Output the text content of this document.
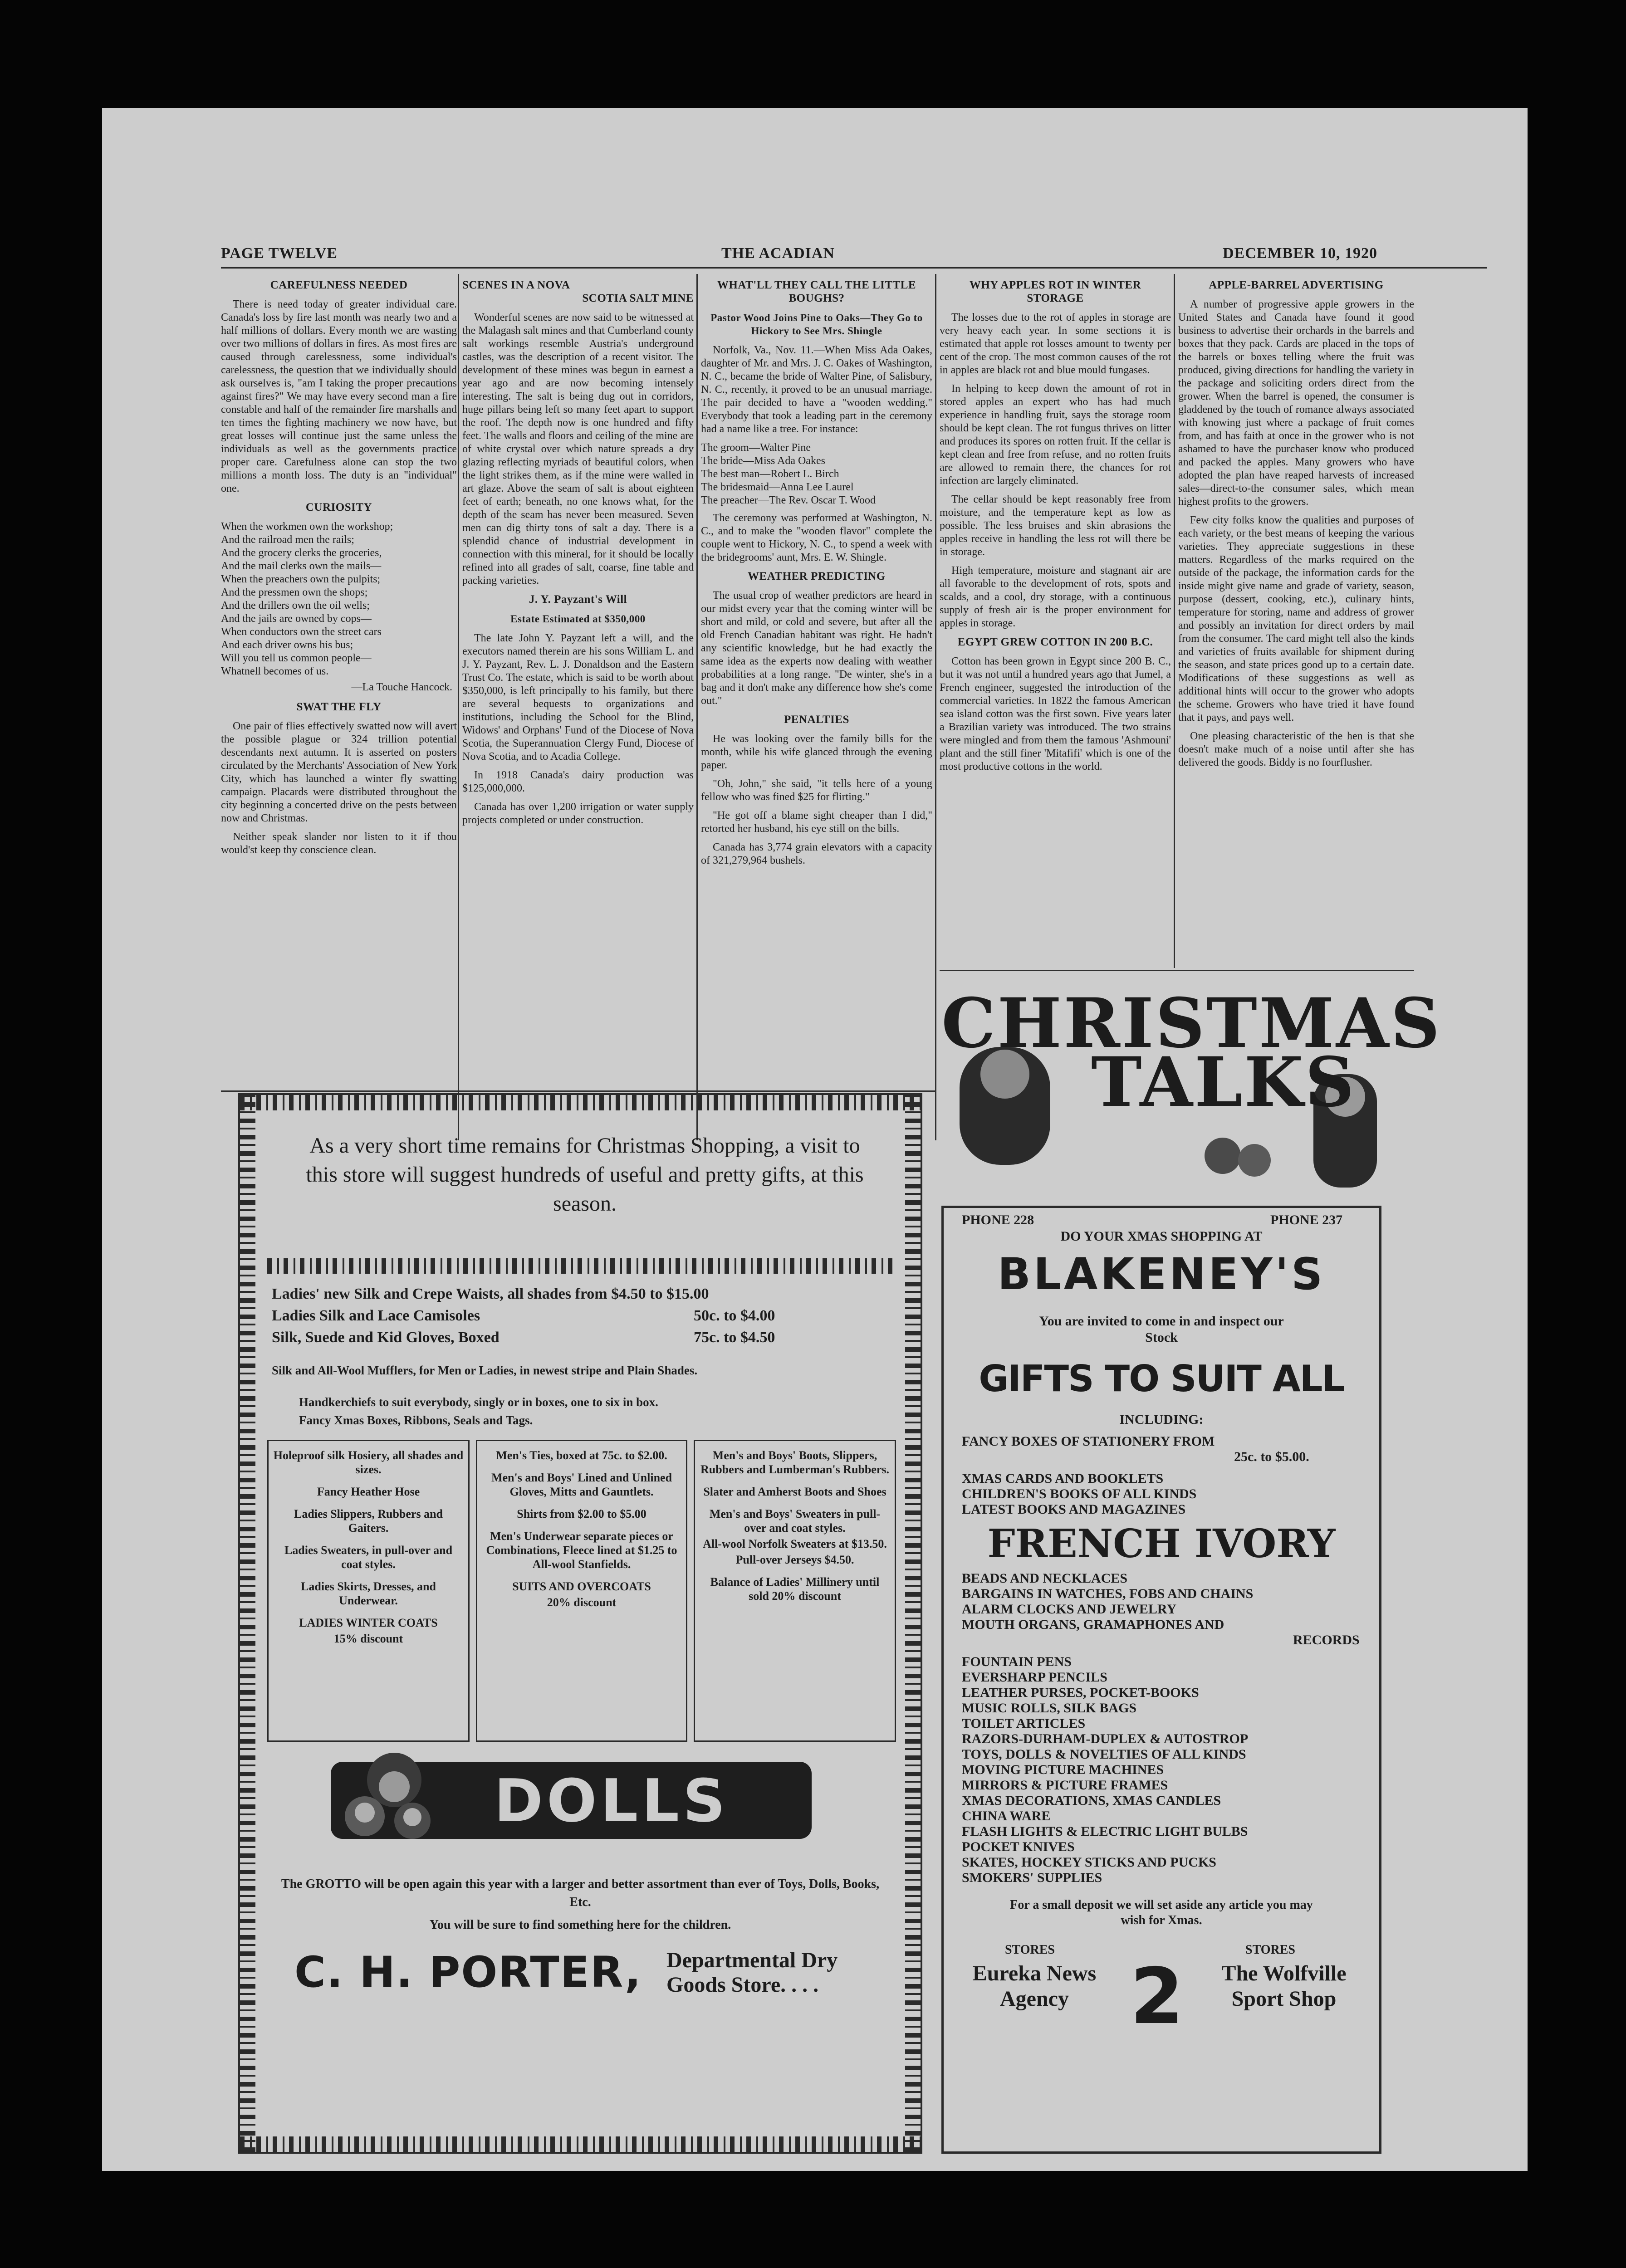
PAGE TWELVE	THE ACADIAN	DECEMBER 10, 1920
CAREFULNESS NEEDED

There is need today of greater individual care. Canada's loss by fire last month was nearly two and a half millions of dollars. Every month we are wasting over two millions of dollars in fires. As most fires are caused through carelessness, some individual's carelessness, the question that we individually should ask ourselves is, "am I taking the proper precautions against fires?" We may have every second man a fire constable and half of the remainder fire marshalls and ten times the fighting machinery we now have, but great losses will continue just the same unless the individuals as well as the governments practice proper care. Carefulness alone can stop the two millions a month loss. The duty is an "individual" one.

CURIOSITY
When the workmen own the workshop;
And the railroad men the rails;
And the grocery clerks the groceries,
And the mail clerks own the mails—
When the preachers own the pulpits;
And the pressmen own the shops;
And the drillers own the oil wells;
And the jails are owned by cops—
When conductors own the street cars
And each driver owns his bus;
Will you tell us common people—
Whatnell becomes of us.
—La Touche Hancock.
SWAT THE FLY

One pair of flies effectively swatted now will avert the possible plague or 324 trillion potential descendants next autumn. It is asserted on posters circulated by the Merchants' Association of New York City, which has launched a winter fly swatting campaign. Placards were distributed throughout the city beginning a concerted drive on the pests between now and Christmas.

Neither speak slander nor listen to it if thou would'st keep thy conscience clean.

SCENES IN A NOVA
SCOTIA SALT MINE

Wonderful scenes are now said to be witnessed at the Malagash salt mines and that Cumberland county salt workings resemble Austria's underground castles, was the description of a recent visitor. The development of these mines was begun in earnest a year ago and are now becoming intensely interesting. The salt is being dug out in corridors, huge pillars being left so many feet apart to support the roof. The depth now is one hundred and fifty feet. The walls and floors and ceiling of the mine are of white crystal over which nature spreads a dry glazing reflecting myriads of beautiful colors, when the light strikes them, as if the mine were walled in art glaze. Above the seam of salt is about eighteen feet of earth; beneath, no one knows what, for the depth of the seam has never been measured. Seven men can dig thirty tons of salt a day. There is a splendid chance of industrial development in connection with this mineral, for it should be locally refined into all grades of salt, coarse, fine table and packing varieties.

J. Y. Payzant's Will
Estate Estimated at $350,000

The late John Y. Payzant left a will, and the executors named therein are his sons William L. and J. Y. Payzant, Rev. L. J. Donaldson and the Eastern Trust Co. The estate, which is said to be worth about $350,000, is left principally to his family, but there are several bequests to organizations and institutions, including the School for the Blind, Widows' and Orphans' Fund of the Diocese of Nova Scotia, the Superannuation Clergy Fund, Diocese of Nova Scotia, and to Acadia College.

In 1918 Canada's dairy production was $125,000,000.

Canada has over 1,200 irrigation or water supply projects completed or under construction.

WHAT'LL THEY CALL THE LITTLE BOUGHS?
Pastor Wood Joins Pine to Oaks—They Go to Hickory to See Mrs. Shingle

Norfolk, Va., Nov. 11.—When Miss Ada Oakes, daughter of Mr. and Mrs. J. C. Oakes of Washington, N. C., became the bride of Walter Pine, of Salisbury, N. C., recently, it proved to be an unusual marriage. The pair decided to have a "wooden wedding." Everybody that took a leading part in the ceremony had a name like a tree. For instance:

The groom—Walter Pine
The bride—Miss Ada Oakes
The best man—Robert L. Birch
The bridesmaid—Anna Lee Laurel
The preacher—The Rev. Oscar T. Wood

The ceremony was performed at Washington, N. C., and to make the "wooden flavor" complete the couple went to Hickory, N. C., to spend a week with the bridegrooms' aunt, Mrs. E. W. Shingle.

WEATHER PREDICTING

The usual crop of weather predictors are heard in our midst every year that the coming winter will be short and mild, or cold and severe, but after all the old French Canadian habitant was right. He hadn't any scientific knowledge, but he had exactly the same idea as the experts now dealing with weather probabilities at a long range. "De winter, she's in a bag and it don't make any difference how she's come out."

PENALTIES

He was looking over the family bills for the month, while his wife glanced through the evening paper.

"Oh, John," she said, "it tells here of a young fellow who was fined $25 for flirting."

"He got off a blame sight cheaper than I did," retorted her husband, his eye still on the bills.

Canada has 3,774 grain elevators with a capacity of 321,279,964 bushels.

WHY APPLES ROT IN WINTER STORAGE

The losses due to the rot of apples in storage are very heavy each year. In some sections it is estimated that apple rot losses amount to twenty per cent of the crop. The most common causes of the rot in apples are black rot and blue mould fungases.

In helping to keep down the amount of rot in stored apples an expert who has had much experience in handling fruit, says the storage room should be kept clean. The rot fungus thrives on litter and produces its spores on rotten fruit. If the cellar is kept clean and free from refuse, and no rotten fruits are allowed to remain there, the chances for rot infection are largely eliminated.

The cellar should be kept reasonably free from moisture, and the temperature kept as low as possible. The less bruises and skin abrasions the apples receive in handling the less rot will there be in storage.

High temperature, moisture and stagnant air are all favorable to the development of rots, spots and scalds, and a cool, dry storage, with a continuous supply of fresh air is the proper environment for apples in storage.

EGYPT GREW COTTON IN 200 B.C.

Cotton has been grown in Egypt since 200 B. C., but it was not until a hundred years ago that Jumel, a French engineer, suggested the introduction of the commercial varieties. In 1822 the famous American sea island cotton was the first sown. Five years later a Brazilian variety was introduced. The two strains were mingled and from them the famous 'Ashmouni' plant and the still finer 'Mitafifi' which is one of the most productive cottons in the world.

APPLE-BARREL ADVERTISING

A number of progressive apple growers in the United States and Canada have found it good business to advertise their orchards in the barrels and boxes that they pack. Cards are placed in the tops of the barrels or boxes telling where the fruit was produced, giving directions for handling the variety in the package and soliciting orders direct from the grower. When the barrel is opened, the consumer is gladdened by the touch of romance always associated with knowing just where a package of fruit comes from, and has faith at once in the grower who is not ashamed to have the purchaser know who produced and packed the apples. Many growers who have adopted the plan have reaped harvests of increased sales—direct-to-the consumer sales, which mean highest profits to the growers.

Few city folks know the qualities and purposes of each variety, or the best means of keeping the various varieties. They appreciate suggestions in these matters. Regardless of the marks required on the outside of the package, the information cards for the inside might give name and grade of variety, season, purpose (dessert, cooking, etc.), culinary hints, temperature for storing, name and address of grower and possibly an invitation for direct orders by mail from the consumer. The card might tell also the kinds and varieties of fruits available for shipment during the season, and state prices good up to a certain date. Modifications of these suggestions as well as additional hints will occur to the grower who adopts the scheme. Growers who have tried it have found that it pays, and pays well.

One pleasing characteristic of the hen is that she doesn't make much of a noise until after she has delivered the goods. Biddy is no fourflusher.

As a very short time remains for Christmas Shopping, a visit to this store will suggest hundreds of useful and pretty gifts, at this season.
Ladies' new Silk and Crepe Waists, all shades from $4.50 to $15.00
Ladies Silk and Lace Camisoles	50c. to $4.00
Silk, Suede and Kid Gloves, Boxed	75c. to $4.50
Silk and All-Wool Mufflers, for Men or Ladies, in newest stripe and Plain Shades.
Handkerchiefs to suit everybody, singly or in boxes, one to six in box.
Fancy Xmas Boxes, Ribbons, Seals and Tags.
Holeproof silk Hosiery, all shades and sizes.
Fancy Heather Hose
Ladies Slippers, Rubbers and Gaiters.
Ladies Sweaters, in pull-over and coat styles.
Ladies Skirts, Dresses, and Underwear.
LADIES WINTER COATS
15% discount
Men's Ties, boxed at 75c. to $2.00.
Men's and Boys' Lined and Unlined Gloves, Mitts and Gauntlets.
Shirts from $2.00 to $5.00
Men's Underwear separate pieces or Combinations, Fleece lined at $1.25 to All-wool Stanfields.
SUITS AND OVERCOATS
20% discount
Men's and Boys' Boots, Slippers, Rubbers and Lumberman's Rubbers.
Slater and Amherst Boots and Shoes
Men's and Boys' Sweaters in pull-over and coat styles.
All-wool Norfolk Sweaters at $13.50.
Pull-over Jerseys $4.50.
Balance of Ladies' Millinery until sold 20% discount
DOLLS
The GROTTO will be open again this year with a larger and better assortment than ever of Toys, Dolls, Books, Etc.
You will be sure to find something here for the children.
C. H. PORTER, Departmental Dry
Goods Store. . . .
CHRISTMAS
TALKS
PHONE 228	PHONE 237
DO YOUR XMAS SHOPPING AT
BLAKENEY'S
You are invited to come in and inspect our Stock
GIFTS TO SUIT ALL
INCLUDING:
FANCY BOXES OF STATIONERY FROM
25c. to $5.00.
XMAS CARDS AND BOOKLETS
CHILDREN'S BOOKS OF ALL KINDS
LATEST BOOKS AND MAGAZINES
FRENCH IVORY
BEADS AND NECKLACES
BARGAINS IN WATCHES, FOBS AND CHAINS
ALARM CLOCKS AND JEWELRY
MOUTH ORGANS, GRAMAPHONES AND
RECORDS
FOUNTAIN PENS
EVERSHARP PENCILS
LEATHER PURSES, POCKET-BOOKS
MUSIC ROLLS, SILK BAGS
TOILET ARTICLES
RAZORS-DURHAM-DUPLEX & AUTOSTROP
TOYS, DOLLS & NOVELTIES OF ALL KINDS
MOVING PICTURE MACHINES
MIRRORS & PICTURE FRAMES
XMAS DECORATIONS, XMAS CANDLES
CHINA WARE
FLASH LIGHTS & ELECTRIC LIGHT BULBS
POCKET KNIVES
SKATES, HOCKEY STICKS AND PUCKS
SMOKERS' SUPPLIES
For a small deposit we will set aside any article you may wish for Xmas.
STORES	STORES
Eureka News
Agency 2	The Wolfville
Sport Shop
